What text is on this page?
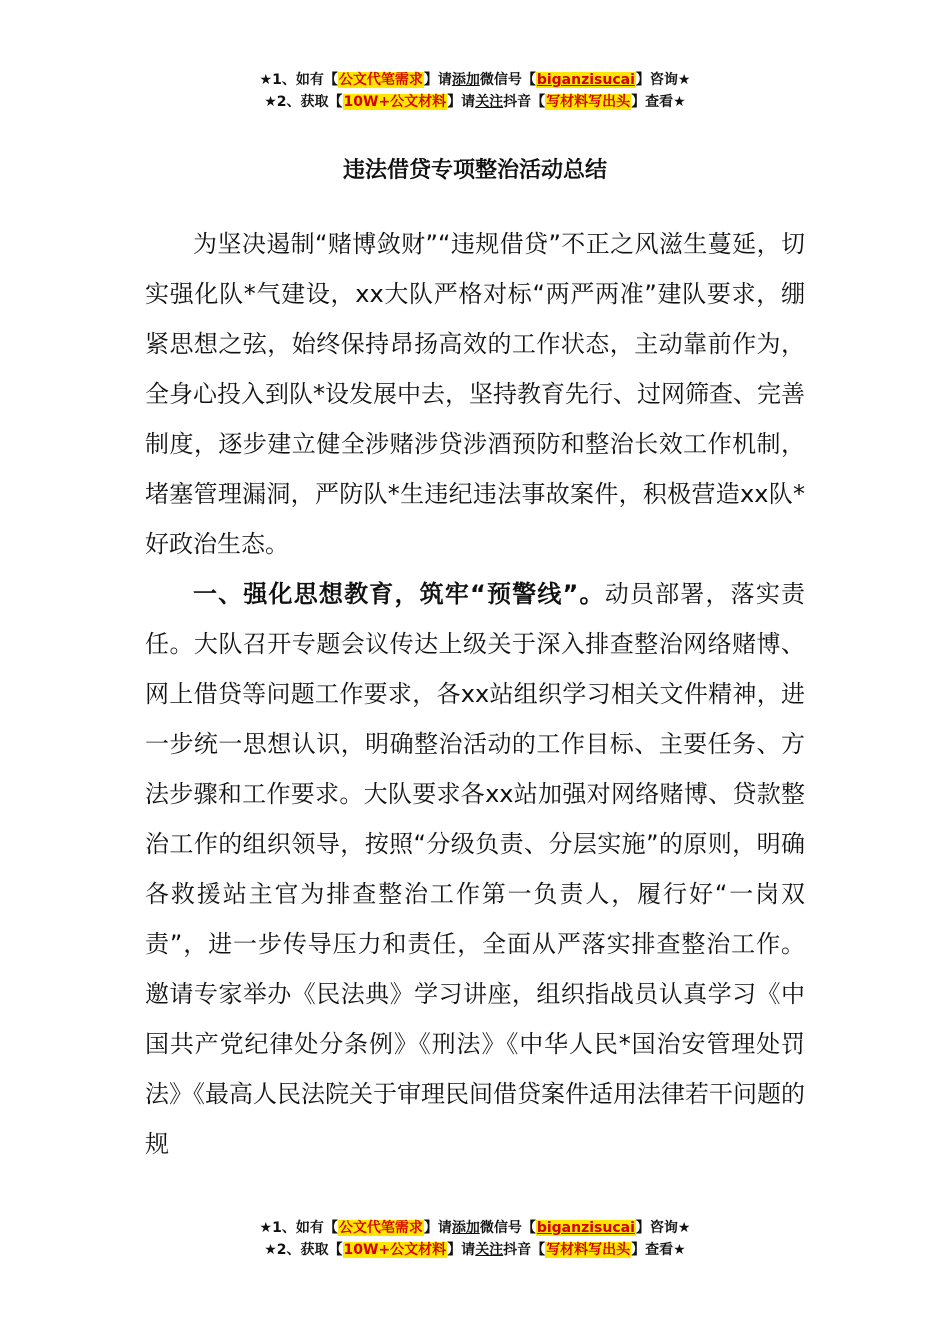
★1、如有【公文代笔需求】请添加微信号【biganzisucai】咨询★
★2、获取【10W+公文材料】请关注抖音【写材料写出头】查看★
违法借贷专项整治活动总结

为坚决遏制“赌博敛财”“违规借贷”不正之风滋生蔓延，切实强化队*气建设，xx大队严格对标“两严两准”建队要求，绷紧思想之弦，始终保持昂扬高效的工作状态，主动靠前作为，全身心投入到队*设发展中去，坚持教育先行、过网筛查、完善制度，逐步建立健全涉赌涉贷涉酒预防和整治长效工作机制，堵塞管理漏洞，严防队*生违纪违法事故案件，积极营造xx队*好政治生态。

一、强化思想教育，筑牢“预警线”。动员部署，落实责任。大队召开专题会议传达上级关于深入排查整治网络赌博、网上借贷等问题工作要求，各xx站组织学习相关文件精神，进一步统一思想认识，明确整治活动的工作目标、主要任务、方法步骤和工作要求。大队要求各xx站加强对网络赌博、贷款整治工作的组织领导，按照“分级负责、分层实施”的原则，明确各救援站主官为排查整治工作第一负责人，履行好“一岗双责”，进一步传导压力和责任，全面从严落实排查整治工作。邀请专家举办《民法典》学习讲座，组织指战员认真学习《中国共产党纪律处分条例》《刑法》《中华人民*国治安管理处罚法》《最高人民法院关于审理民间借贷案件适用法律若干问题的规

★1、如有【公文代笔需求】请添加微信号【biganzisucai】咨询★
★2、获取【10W+公文材料】请关注抖音【写材料写出头】查看★
